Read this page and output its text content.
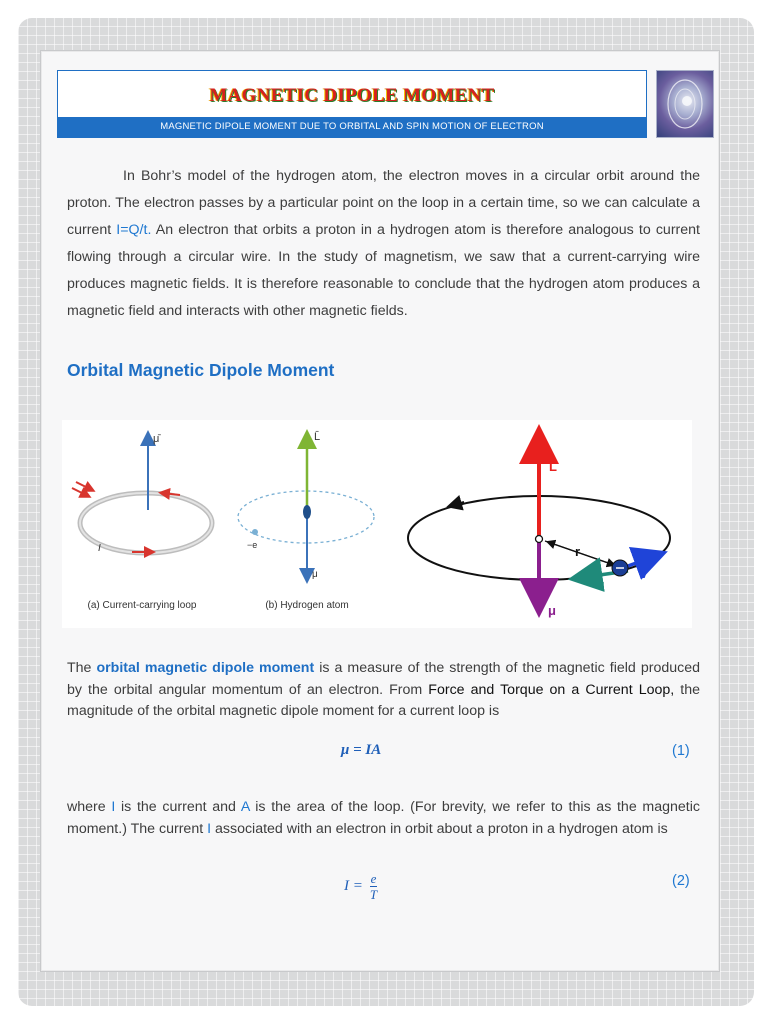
MAGNETIC DIPOLE MOMENT
MAGNETIC DIPOLE MOMENT DUE TO ORBITAL AND SPIN MOTION OF ELECTRON

In Bohr’s model of the hydrogen atom, the electron moves in a circular orbit around the proton. The electron passes by a particular point on the loop in a certain time, so we can calculate a current I=Q/t. An electron that orbits a proton in a hydrogen atom is therefore analogous to current flowing through a circular wire. In the study of magnetism, we saw that a current-carrying wire produces magnetic fields. It is therefore reasonable to conclude that the hydrogen atom produces a magnetic field and interacts with other magnetic fields.

Orbital Magnetic Dipole Moment
μ̄
I
(a) Current-carrying loop
L̄
−e
μ
(b) Hydrogen atom
L
r
v
I
μ

The orbital magnetic dipole moment is a measure of the strength of the magnetic field produced by the orbital angular momentum of an electron. From Force and Torque on a Current Loop, the magnitude of the orbital magnetic dipole moment for a current loop is

μ = IA	(1)

where I is the current and A is the area of the loop. (For brevity, we refer to this as the magnetic moment.) The current I associated with an electron in orbit about a proton in a hydrogen atom is

$I = \frac{e}{T}$	(2)
